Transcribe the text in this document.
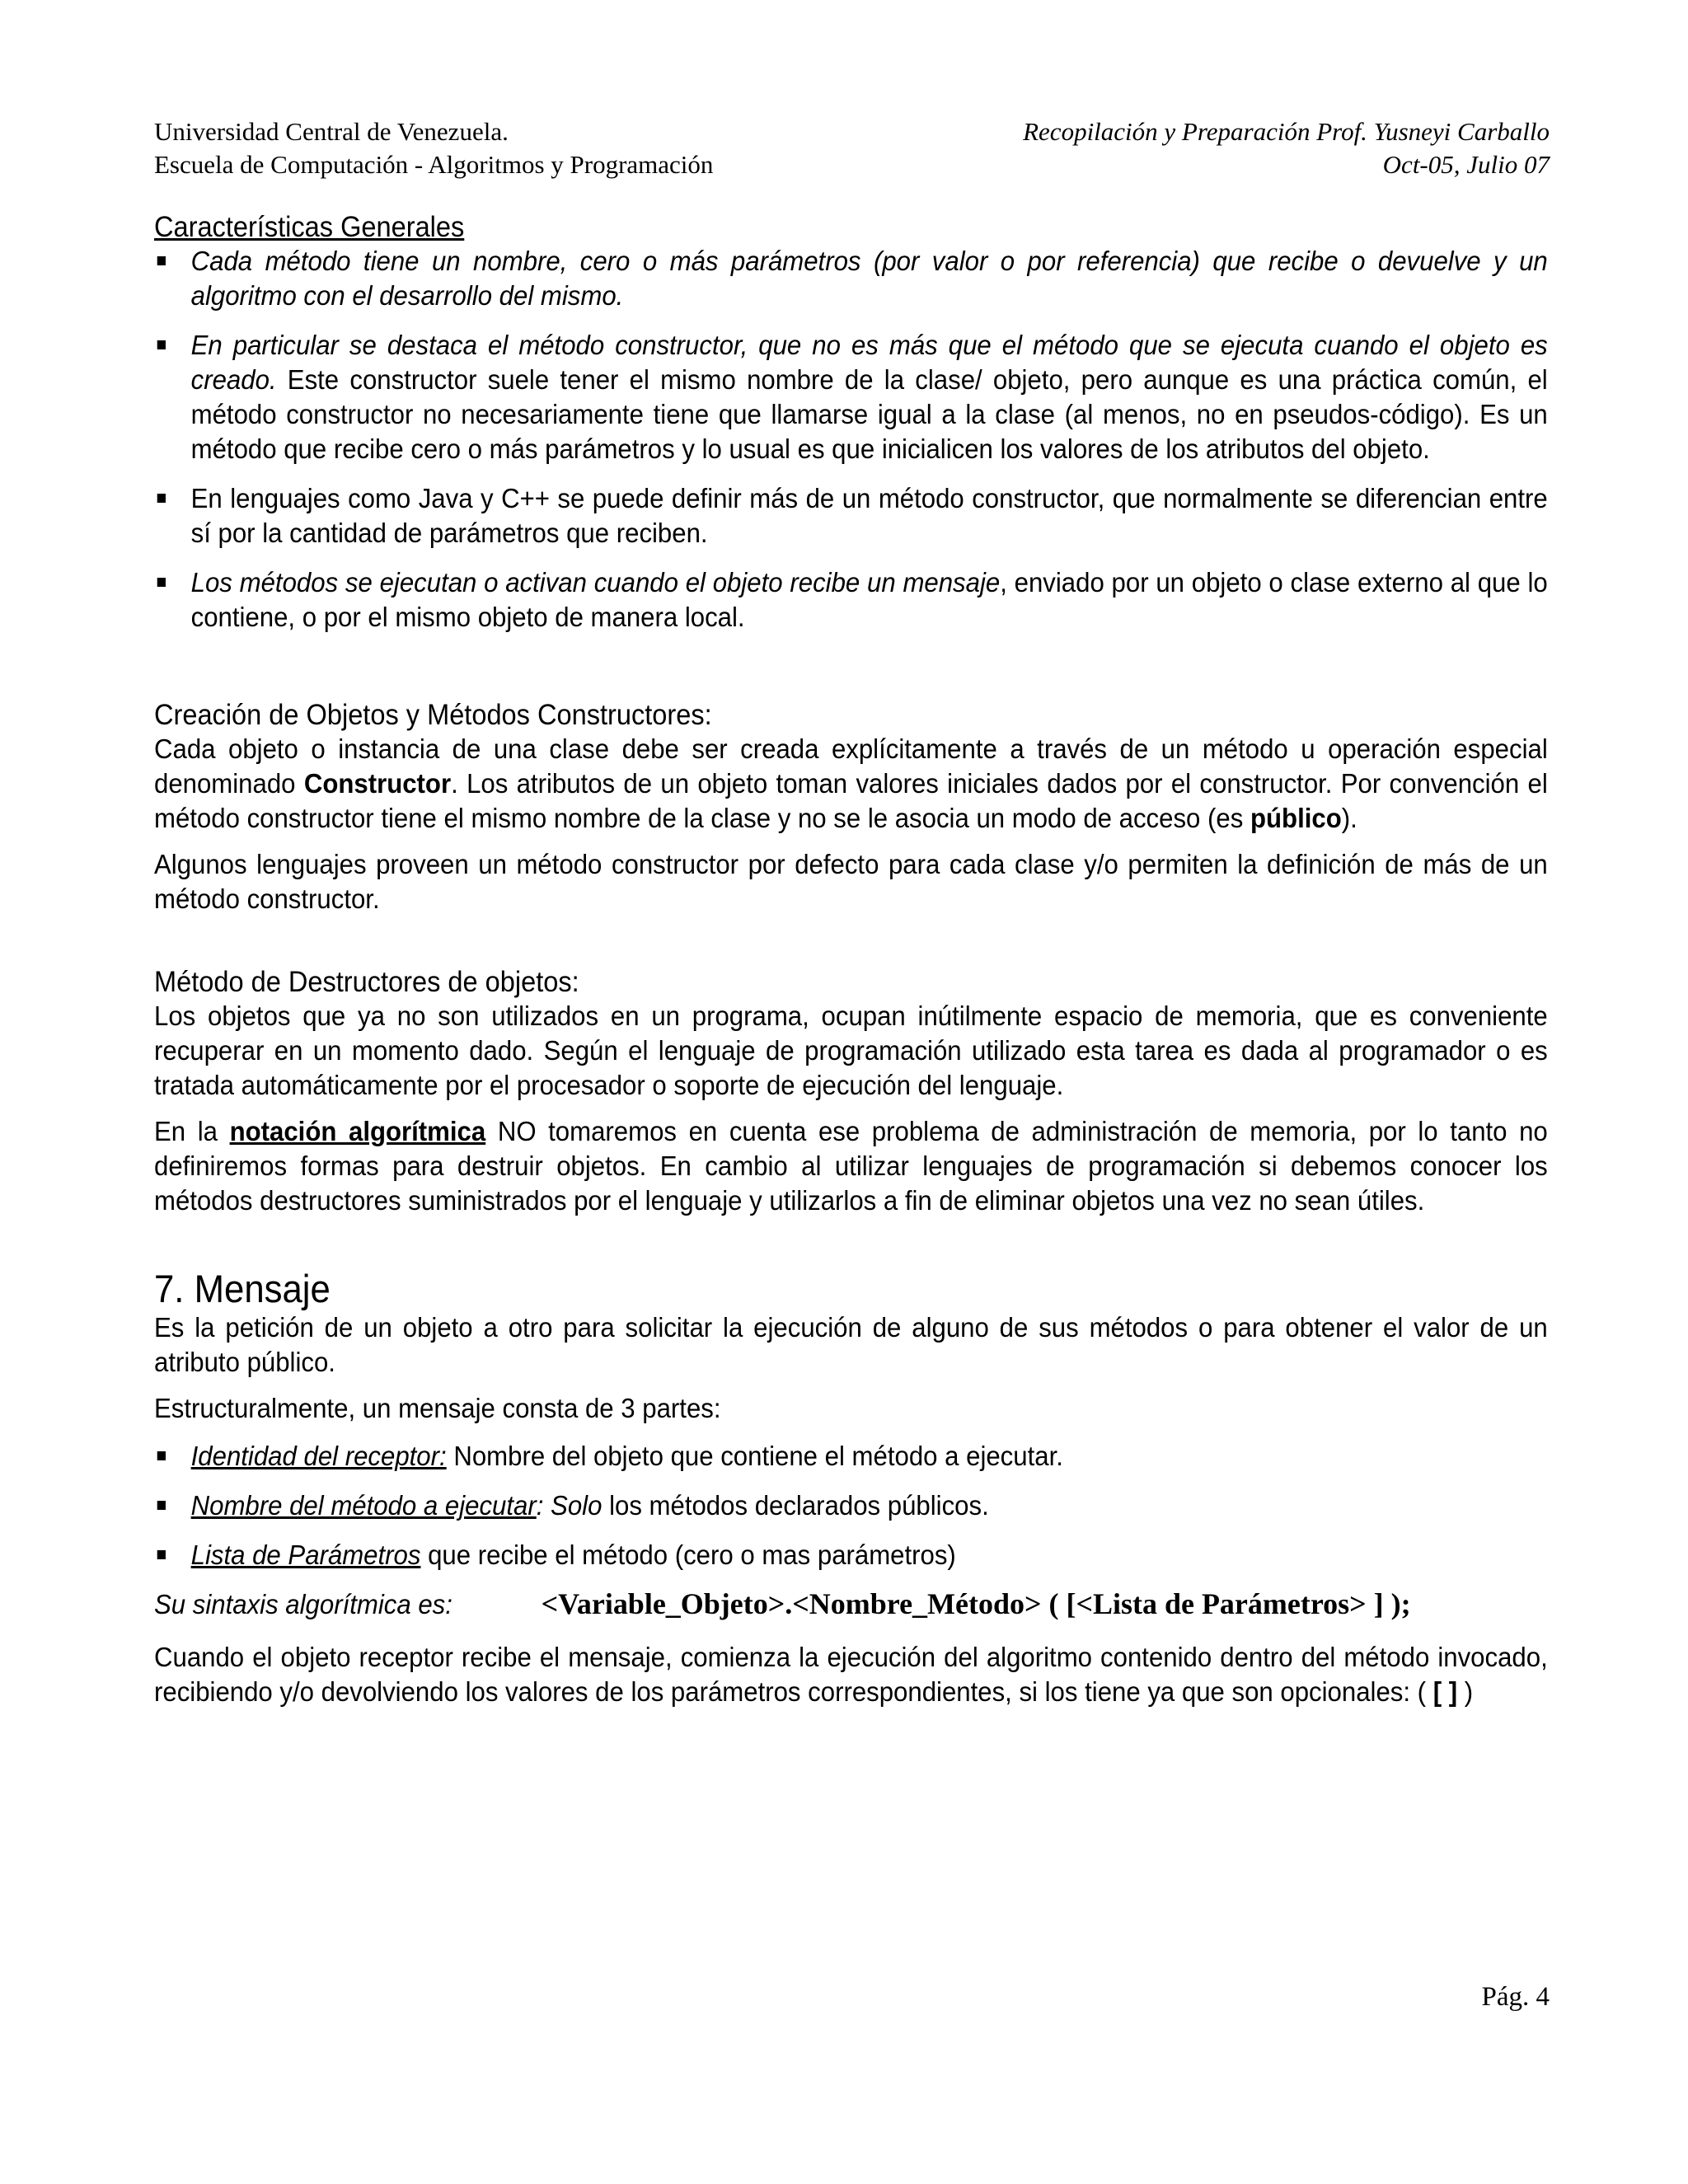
Universidad Central de Venezuela.
Escuela de Computación - Algoritmos y Programación
Recopilación y Preparación Prof. Yusneyi Carballo
Oct-05, Julio 07

Características Generales

Cada método tiene un nombre, cero o más parámetros (por valor o por referencia) que recibe o devuelve y un algoritmo con el desarrollo del mismo.
En particular se destaca el método constructor, que no es más que el método que se ejecuta cuando el objeto es creado. Este constructor suele tener el mismo nombre de la clase/ objeto, pero aunque es una práctica común, el método constructor no necesariamente tiene que llamarse igual a la clase (al menos, no en pseudos-código). Es un método que recibe cero o más parámetros y lo usual es que inicialicen los valores de los atributos del objeto.
En lenguajes como Java y C++ se puede definir más de un método constructor, que normalmente se diferencian entre sí por la cantidad de parámetros que reciben.
Los métodos se ejecutan o activan cuando el objeto recibe un mensaje, enviado por un objeto o clase externo al que lo contiene, o por el mismo objeto de manera local.

Creación de Objetos y Métodos Constructores:

Cada objeto o instancia de una clase debe ser creada explícitamente a través de un método u operación especial denominado Constructor. Los atributos de un objeto toman valores iniciales dados por el constructor. Por convención el método constructor tiene el mismo nombre de la clase y no se le asocia un modo de acceso (es público).

Algunos lenguajes proveen un método constructor por defecto para cada clase y/o permiten la definición de más de un método constructor.

Método de Destructores de objetos:

Los objetos que ya no son utilizados en un programa, ocupan inútilmente espacio de memoria, que es conveniente recuperar en un momento dado. Según el lenguaje de programación utilizado esta tarea es dada al programador o es tratada automáticamente por el procesador o soporte de ejecución del lenguaje.

En la notación algorítmica NO tomaremos en cuenta ese problema de administración de memoria, por lo tanto no definiremos formas para destruir objetos. En cambio al utilizar lenguajes de programación si debemos conocer los métodos destructores suministrados por el lenguaje y utilizarlos a fin de eliminar objetos una vez no sean útiles.

7. Mensaje

Es la petición de un objeto a otro para solicitar la ejecución de alguno de sus métodos o para obtener el valor de un atributo público.

Estructuralmente, un mensaje consta de 3 partes:

Identidad del receptor: Nombre del objeto que contiene el método a ejecutar.
Nombre del método a ejecutar: Solo los métodos declarados públicos.
Lista de Parámetros que recibe el método (cero o mas parámetros)
Su sintaxis algorítmica es:	<Variable_Objeto>.<Nombre_Método> ( [<Lista de Parámetros> ] );

Cuando el objeto receptor recibe el mensaje, comienza la ejecución del algoritmo contenido dentro del método invocado, recibiendo y/o devolviendo los valores de los parámetros correspondientes, si los tiene ya que son opcionales: ( [ ] )

Pág. 4
